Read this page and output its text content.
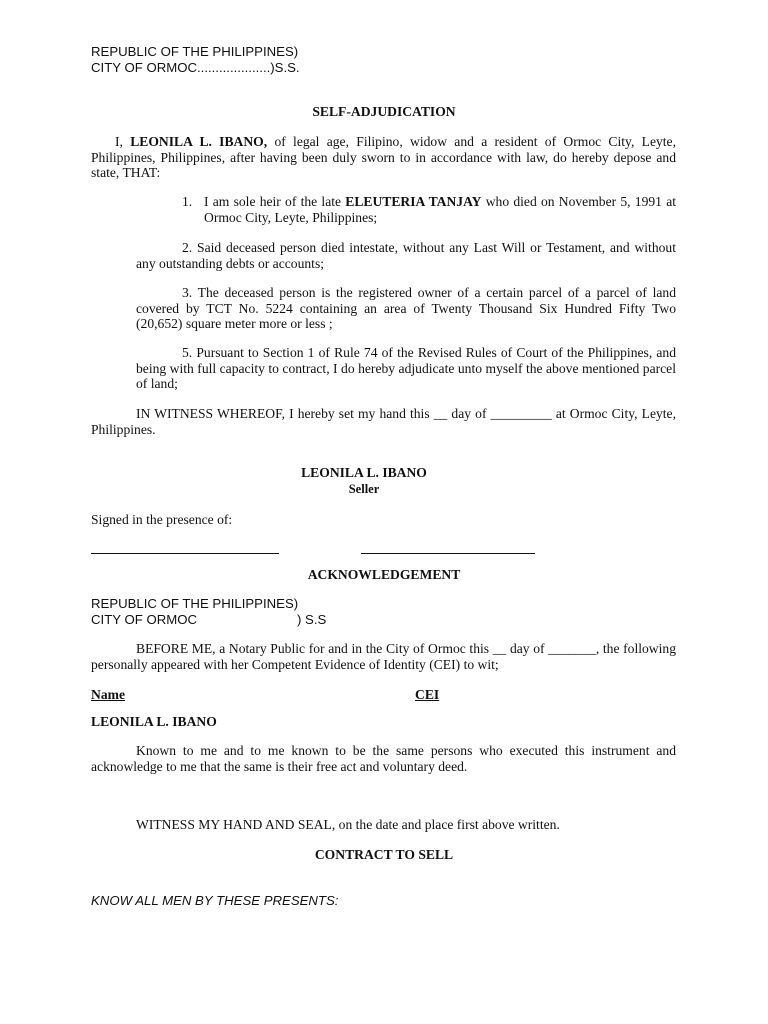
REPUBLIC OF THE PHILIPPINES)
CITY OF ORMOC....................)S.S.
SELF-ADJUDICATION
I, LEONILA L. IBANO, of legal age, Filipino, widow and a resident of Ormoc City, Leyte, Philippines, Philippines, after having been duly sworn to in accordance with law, do hereby depose and state, THAT:
1. I am sole heir of the late ELEUTERIA TANJAY who died on November 5, 1991 at Ormoc City, Leyte, Philippines;
2. Said deceased person died intestate, without any Last Will or Testament, and without any outstanding debts or accounts;
3. The deceased person is the registered owner of a certain parcel of a parcel of land covered by TCT No. 5224 containing an area of Twenty Thousand Six Hundred Fifty Two (20,652) square meter more or less ;
5. Pursuant to Section 1 of Rule 74 of the Revised Rules of Court of the Philippines, and being with full capacity to contract, I do hereby adjudicate unto myself the above mentioned parcel of land;
IN WITNESS WHEREOF, I hereby set my hand this __ day of _________ at Ormoc City, Leyte, Philippines.
LEONILA L. IBANO
Seller
Signed in the presence of:
ACKNOWLEDGEMENT
REPUBLIC OF THE PHILIPPINES)
CITY OF ORMOC	) S.S
BEFORE ME, a Notary Public for and in the City of Ormoc this __ day of _______, the following personally appeared with her Competent Evidence of Identity (CEI) to wit;
Name	CEI
LEONILA L. IBANO
Known to me and to me known to be the same persons who executed this instrument and acknowledge to me that the same is their free act and voluntary deed.
WITNESS MY HAND AND SEAL, on the date and place first above written.
CONTRACT TO SELL
KNOW ALL MEN BY THESE PRESENTS:
